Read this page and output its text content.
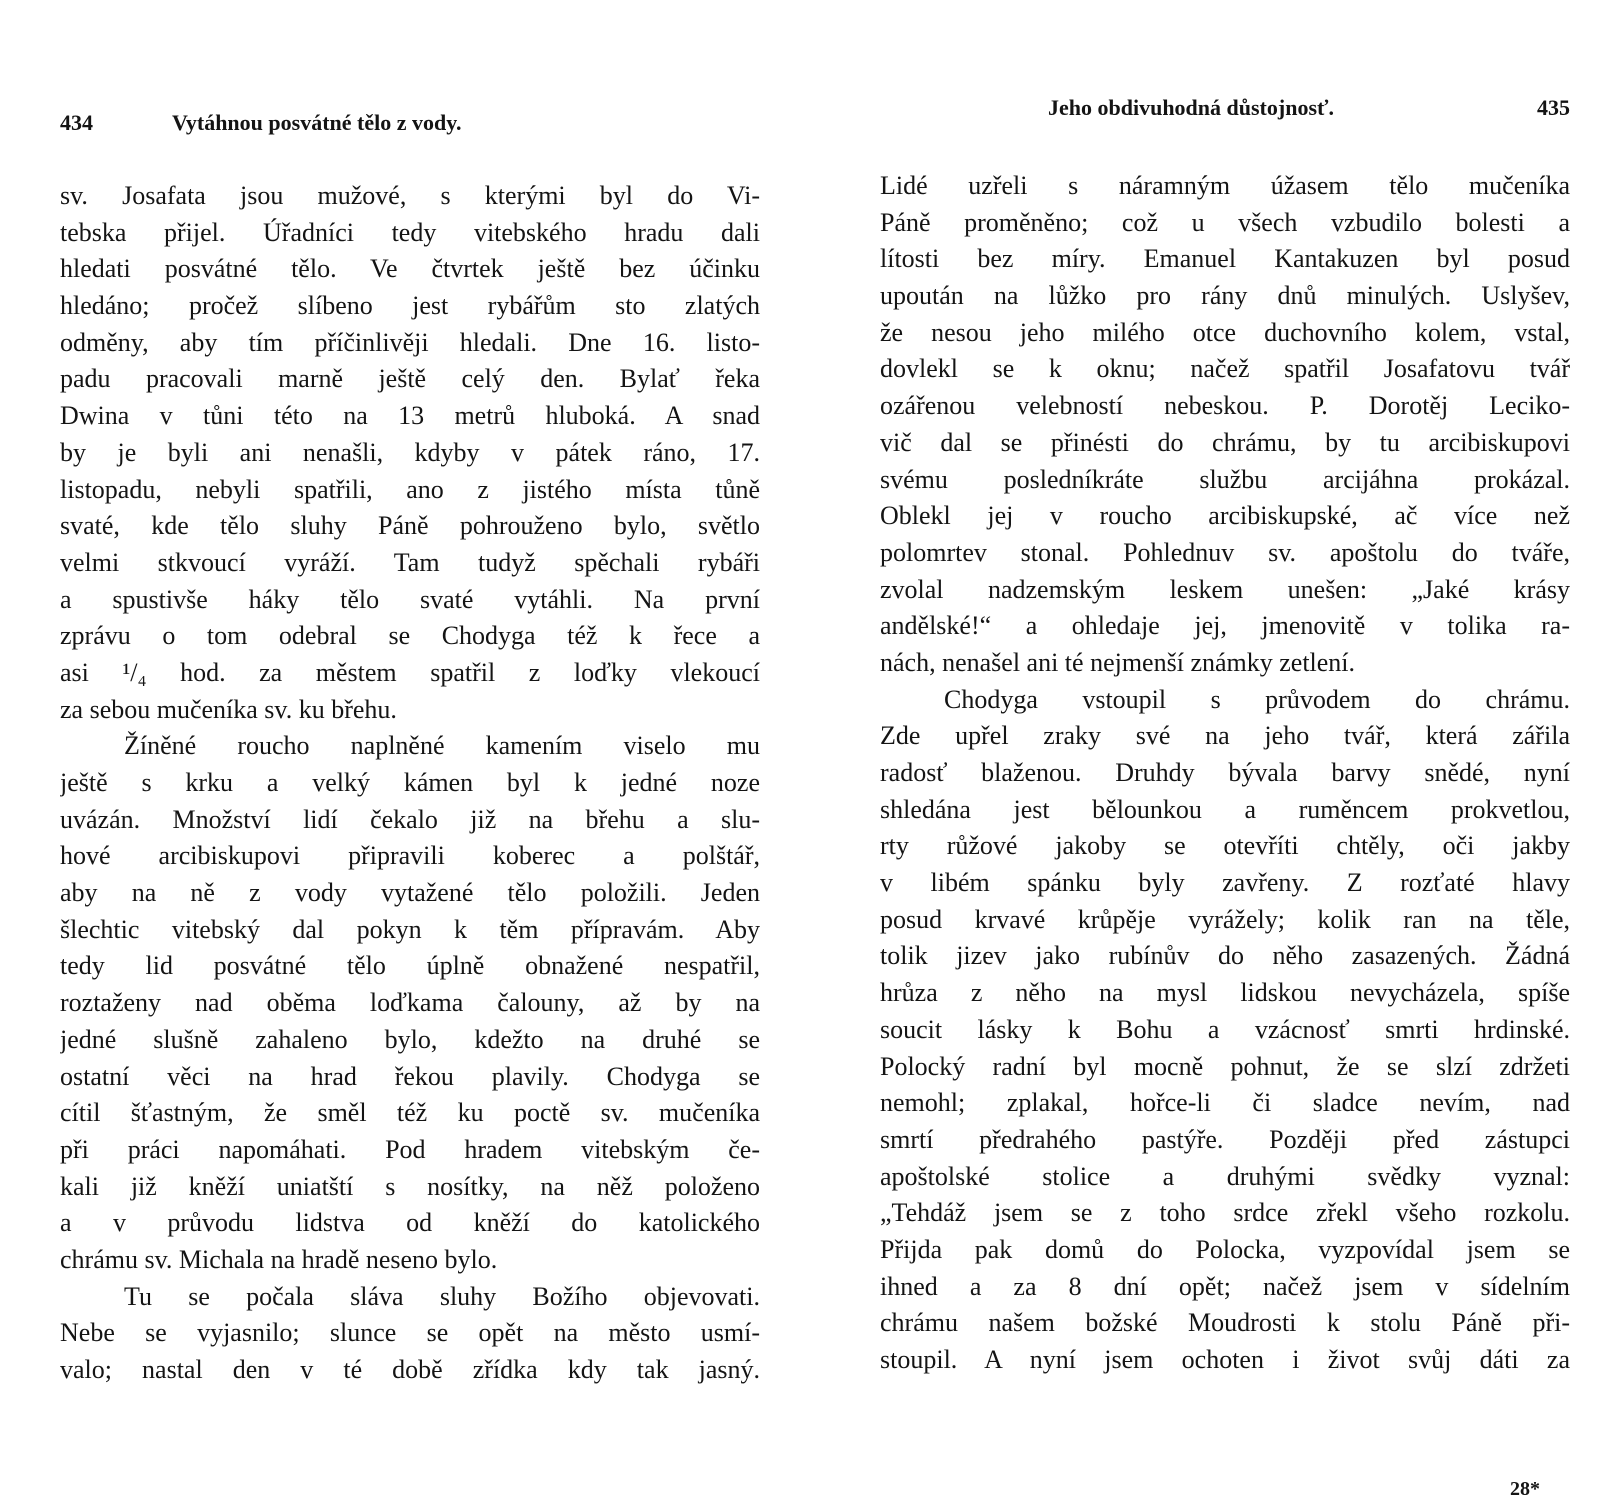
434	Vytáhnou posvátné tělo z vody.
sv. Josafata jsou mužové, s kterými byl do Vi-
tebska přijel. Úřadníci tedy vitebského hradu dali
hledati posvátné tělo. Ve čtvrtek ještě bez účinku
hledáno; pročež slíbeno jest rybářům sto zlatých
odměny, aby tím příčinlivěji hledali. Dne 16. listo-
padu pracovali marně ještě celý den. Bylať řeka
Dwina v tůni této na 13 metrů hluboká. A snad
by je byli ani nenašli, kdyby v pátek ráno, 17.
listopadu, nebyli spatřili, ano z jistého místa tůně
svaté, kde tělo sluhy Páně pohrouženo bylo, světlo
velmi stkvoucí vyráží. Tam tudyž spěchali rybáři
a spustivše háky tělo svaté vytáhli. Na první
zprávu o tom odebral se Chodyga též k řece a
asi ¹/₄ hod. za městem spatřil z loďky vlekoucí
za sebou mučeníka sv. ku břehu.
Žíněné roucho naplněné kamením viselo mu
ještě s krku a velký kámen byl k jedné noze
uvázán. Množství lidí čekalo již na břehu a slu-
hové arcibiskupovi připravili koberec a polštář,
aby na ně z vody vytažené tělo položili. Jeden
šlechtic vitebský dal pokyn k těm přípravám. Aby
tedy lid posvátné tělo úplně obnažené nespatřil,
roztaženy nad oběma loďkama čalouny, až by na
jedné slušně zahaleno bylo, kdežto na druhé se
ostatní věci na hrad řekou plavily. Chodyga se
cítil šťastným, že směl též ku poctě sv. mučeníka
při práci napomáhati. Pod hradem vitebským če-
kali již kněží uniatští s nosítky, na něž položeno
a v průvodu lidstva od kněží do katolického
chrámu sv. Michala na hradě neseno bylo.
Tu se počala sláva sluhy Božího objevovati.
Nebe se vyjasnilo; slunce se opět na město usmí-
valo; nastal den v té době zřídka kdy tak jasný.
Jeho obdivuhodná důstojnosť.	435
Lidé uzřeli s náramným úžasem tělo mučeníka
Páně proměněno; což u všech vzbudilo bolesti a
lítosti bez míry. Emanuel Kantakuzen byl posud
upoután na lůžko pro rány dnů minulých. Uslyšev,
že nesou jeho milého otce duchovního kolem, vstal,
dovlekl se k oknu; načež spatřil Josafatovu tvář
ozářenou velebností nebeskou. P. Dorotěj Leciko-
vič dal se přinésti do chrámu, by tu arcibiskupovi
svému posledníkráte službu arcijáhna prokázal.
Oblekl jej v roucho arcibiskupské, ač více než
polomrtev stonal. Pohlednuv sv. apoštolu do tváře,
zvolal nadzemským leskem unešen: „Jaké krásy
andělské!“ a ohledaje jej, jmenovitě v tolika ra-
nách, nenašel ani té nejmenší známky zetlení.
Chodyga vstoupil s průvodem do chrámu.
Zde upřel zraky své na jeho tvář, která zářila
radosť blaženou. Druhdy bývala barvy snědé, nyní
shledána jest bělounkou a ruměncem prokvetlou,
rty růžové jakoby se otevříti chtěly, oči jakby
v libém spánku byly zavřeny. Z rozťaté hlavy
posud krvavé krůpěje vyrážely; kolik ran na těle,
tolik jizev jako rubínův do něho zasazených. Žádná
hrůza z něho na mysl lidskou nevycházela, spíše
soucit lásky k Bohu a vzácnosť smrti hrdinské.
Polocký radní byl mocně pohnut, že se slzí zdržeti
nemohl; zplakal, hořce-li či sladce nevím, nad
smrtí předrahého pastýře. Později před zástupci
apoštolské stolice a druhými svědky vyznal:
„Tehdáž jsem se z toho srdce zřekl všeho rozkolu.
Přijda pak domů do Polocka, vyzpovídal jsem se
ihned a za 8 dní opět; načež jsem v sídelním
chrámu našem božské Moudrosti k stolu Páně při-
stoupil. A nyní jsem ochoten i život svůj dáti za
28*
